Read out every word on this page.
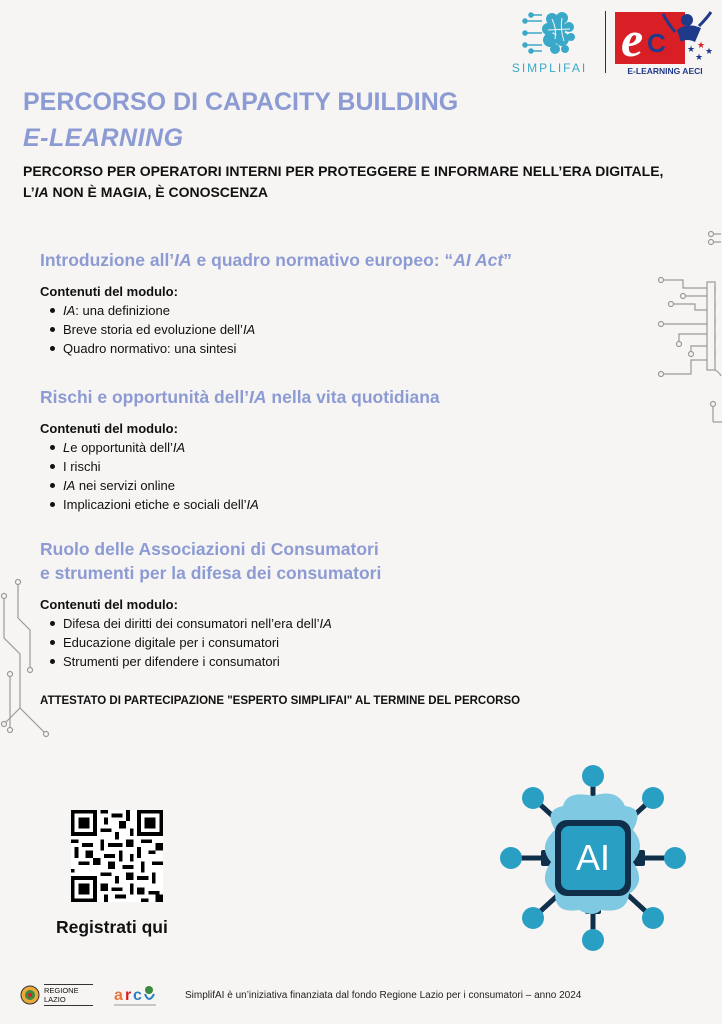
SIMPLIFAI
e C ★ ★
★
★
E-LEARNING AECI
PERCORSO DI CAPACITY BUILDING
E-LEARNING
PERCORSO PER OPERATORI INTERNI PER PROTEGGERE E INFORMARE NELL’ERA DIGITALE,
L’IA NON È MAGIA, È CONOSCENZA
Introduzione all’IA e quadro normativo europeo: “AI Act”
Contenuti del modulo:
IA: una definizione
Breve storia ed evoluzione dell’IA
Quadro normativo: una sintesi
Rischi e opportunità dell’IA nella vita quotidiana
Contenuti del modulo:
Le opportunità dell’IA
I rischi
IA nei servizi online
Implicazioni etiche e sociali dell’IA
Ruolo delle Associazioni di Consumatori
e strumenti per la difesa dei consumatori
Contenuti del modulo:
Difesa dei diritti dei consumatori nell’era dell’IA
Educazione digitale per i consumatori
Strumenti per difendere i consumatori
ATTESTATO DI PARTECIPAZIONE "ESPERTO SIMPLIFAI" AL TERMINE DEL PERCORSO
Registrati qui
AI
REGIONE
LAZIO	a r c	SimplifAI è un’iniziativa finanziata dal fondo Regione Lazio per i consumatori – anno 2024
